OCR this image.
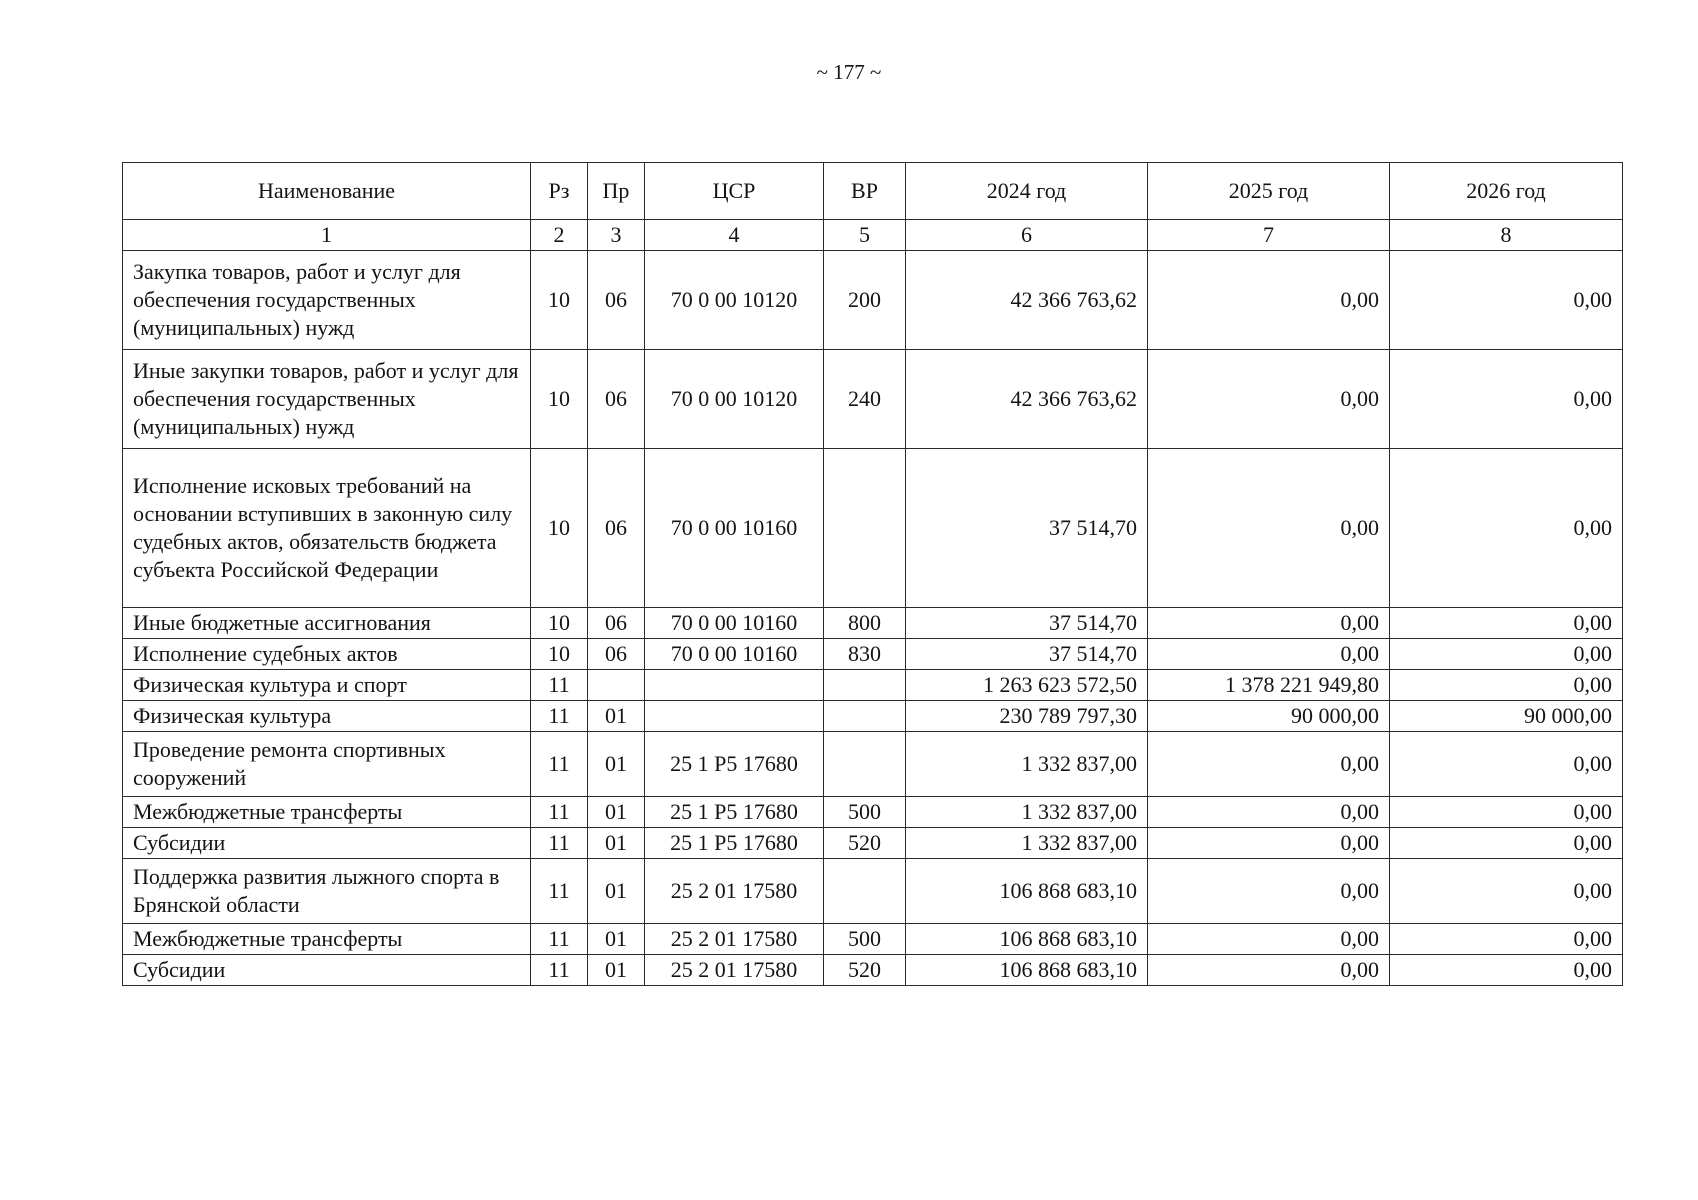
~ 177 ~
Наименование	Рз	Пр	ЦСР	ВР	2024 год	2025 год	2026 год
1	2	3	4	5	6	7	8
Закупка товаров, работ и услуг для обеспечения государственных (муниципальных) нужд	10	06	70 0 00 10120	200	42 366 763,62	0,00	0,00
Иные закупки товаров, работ и услуг для обеспечения государственных (муниципальных) нужд	10	06	70 0 00 10120	240	42 366 763,62	0,00	0,00
Исполнение исковых требований на основании вступивших в законную силу судебных актов, обязательств бюджета субъекта Российской Федерации	10	06	70 0 00 10160		37 514,70	0,00	0,00
Иные бюджетные ассигнования	10	06	70 0 00 10160	800	37 514,70	0,00	0,00
Исполнение судебных актов	10	06	70 0 00 10160	830	37 514,70	0,00	0,00
Физическая культура и спорт	11				1 263 623 572,50	1 378 221 949,80	0,00
Физическая культура	11	01			230 789 797,30	90 000,00	90 000,00
Проведение ремонта спортивных сооружений	11	01	25 1 Р5 17680		1 332 837,00	0,00	0,00
Межбюджетные трансферты	11	01	25 1 Р5 17680	500	1 332 837,00	0,00	0,00
Субсидии	11	01	25 1 Р5 17680	520	1 332 837,00	0,00	0,00
Поддержка развития лыжного спорта в Брянской области	11	01	25 2 01 17580		106 868 683,10	0,00	0,00
Межбюджетные трансферты	11	01	25 2 01 17580	500	106 868 683,10	0,00	0,00
Субсидии	11	01	25 2 01 17580	520	106 868 683,10	0,00	0,00
